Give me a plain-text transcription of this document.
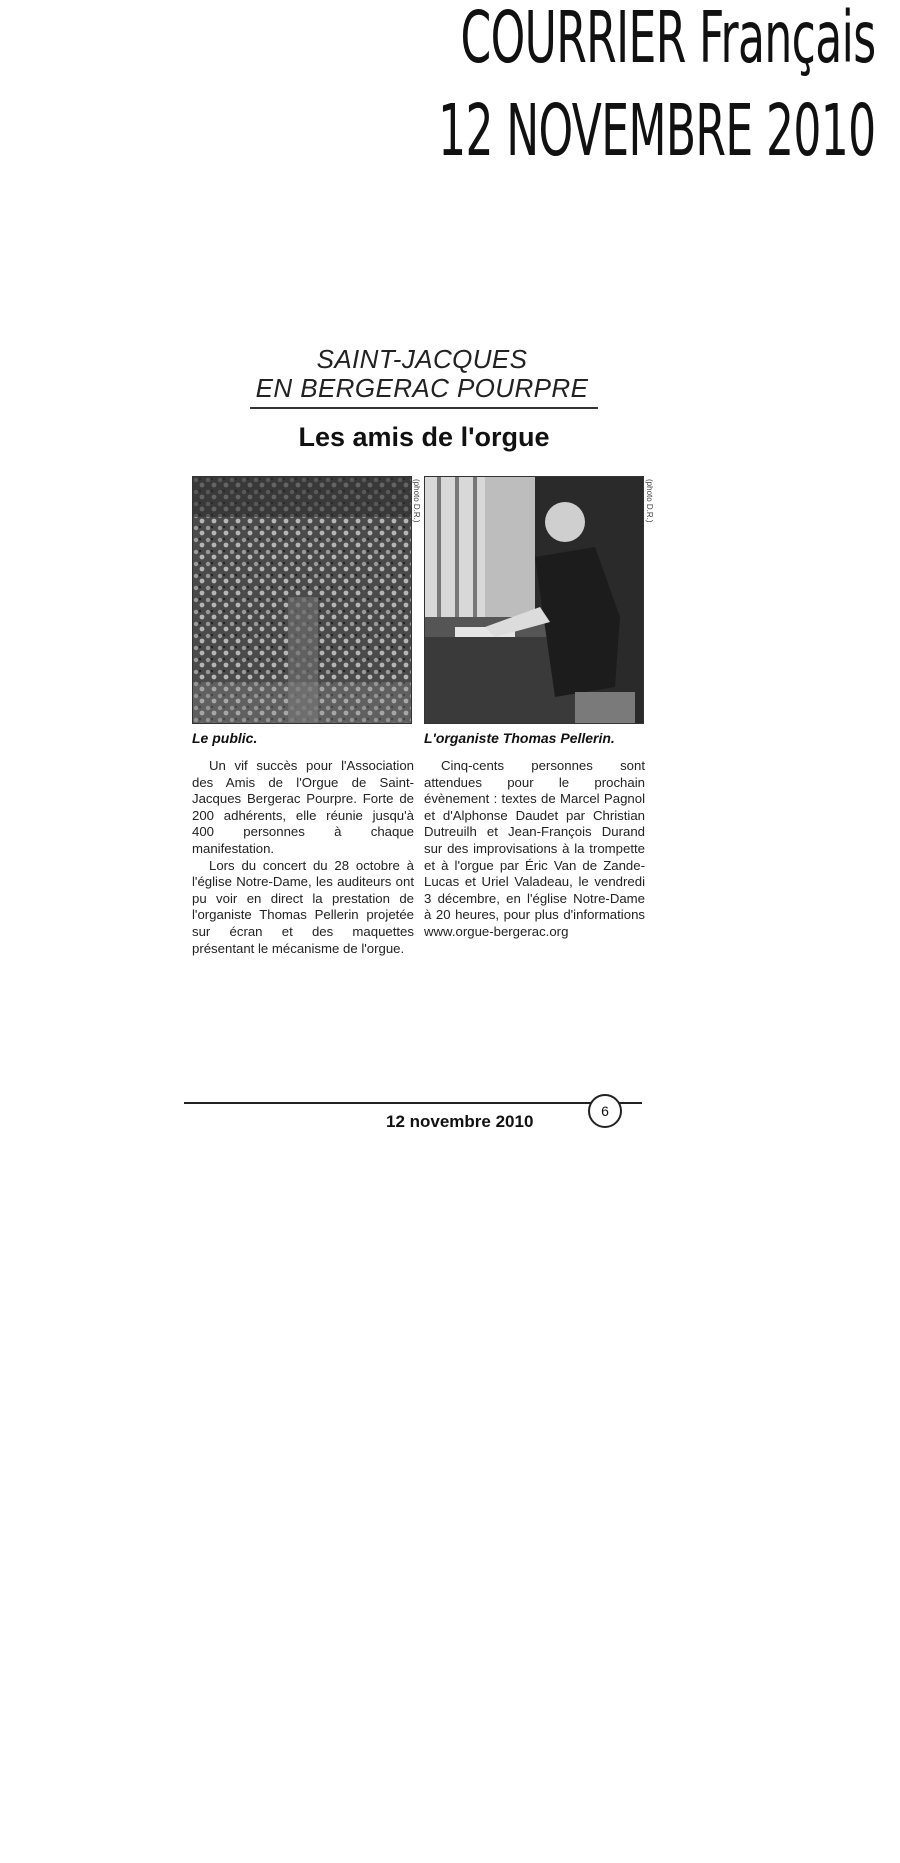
COURRIER Français
12 NOVEMBRE 2010
SAINT-JACQUES
EN BERGERAC POURPRE
Les amis de l'orgue
(photo D.R.)	(photo D.R.)
Le public.	L'organiste Thomas Pellerin.

Un vif succès pour l'Association des Amis de l'Orgue de Saint-Jacques Bergerac Pourpre. Forte de 200 adhérents, elle réunie jusqu'à 400 personnes à chaque manifestation.

Lors du concert du 28 octobre à l'église Notre-Dame, les auditeurs ont pu voir en direct la prestation de l'organiste Thomas Pellerin projetée sur écran et des maquettes présentant le mécanisme de l'orgue.

Cinq-cents personnes sont attendues pour le prochain évènement : textes de Marcel Pagnol et d'Alphonse Daudet par Christian Dutreuilh et Jean-François Durand sur des improvisations à la trompette et à l'orgue par Éric Van de Zande-Lucas et Uriel Valadeau, le vendredi 3 décembre, en l'église Notre-Dame à 20 heures, pour plus d'informations www.orgue-bergerac.org

12 novembre 2010
6
